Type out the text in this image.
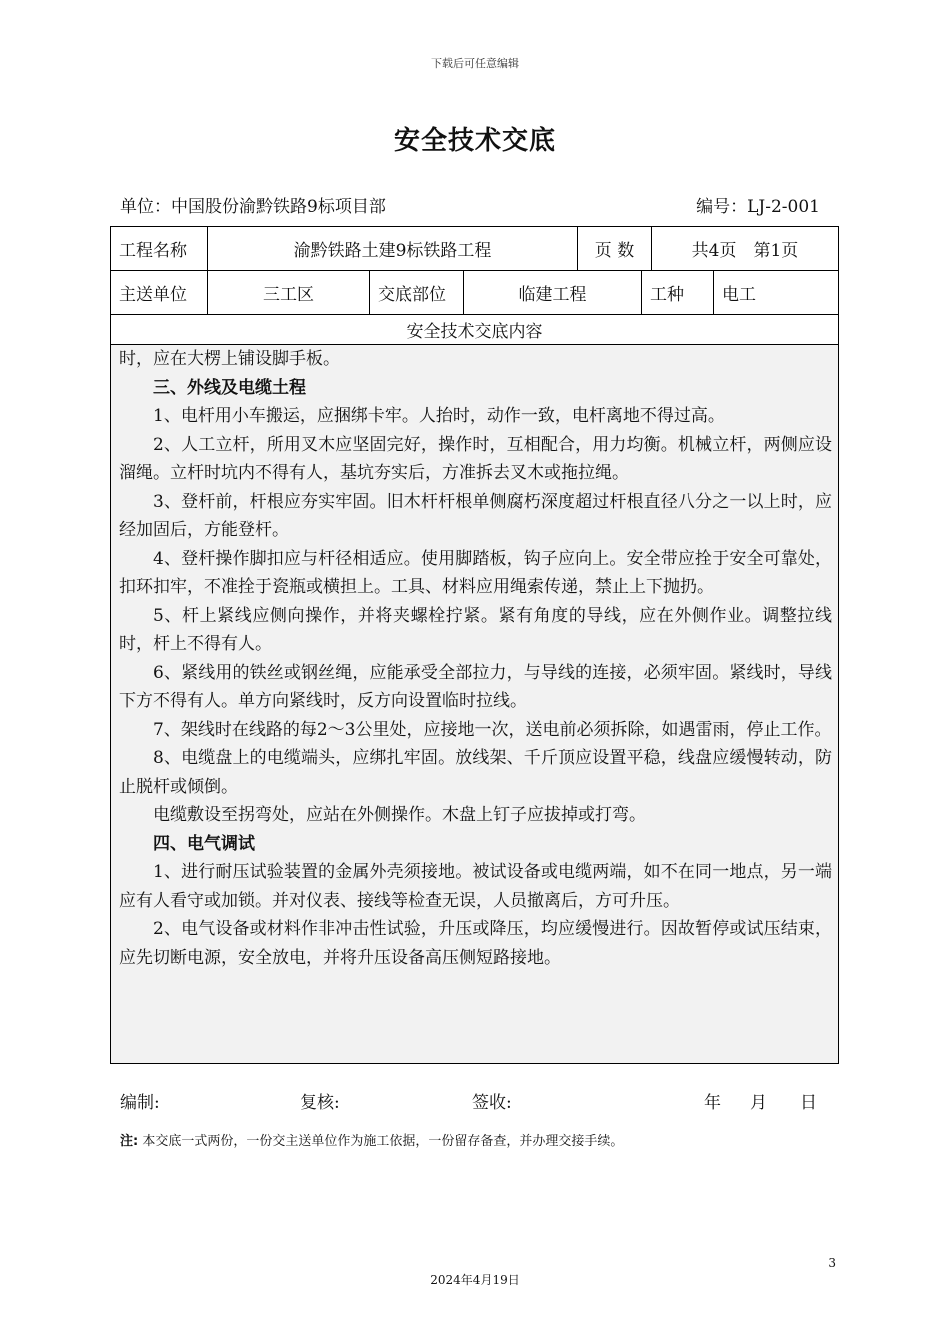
下载后可任意编辑
安全技术交底
单位：中国股份渝黔铁路9标项目部	编号：LJ-2-001
工程名称	渝黔铁路土建9标铁路工程	页 数	共4页　第1页
主送单位	三工区	交底部位	临建工程	工种	电工
安全技术交底内容

时，应在大楞上铺设脚手板。

三、外线及电缆土程

1、电杆用小车搬运，应捆绑卡牢。人抬时，动作一致，电杆离地不得过高。

2、人工立杆，所用叉木应坚固完好，操作时，互相配合，用力均衡。机械立杆，两侧应设溜绳。立杆时坑内不得有人，基坑夯实后，方准拆去叉木或拖拉绳。

3、登杆前，杆根应夯实牢固。旧木杆杆根单侧腐朽深度超过杆根直径八分之一以上时，应经加固后，方能登杆。

4、登杆操作脚扣应与杆径相适应。使用脚踏板，钩子应向上。安全带应拴于安全可靠处，扣环扣牢，不准拴于瓷瓶或横担上。工具、材料应用绳索传递，禁止上下抛扔。

5、杆上紧线应侧向操作，并将夹螺栓拧紧。紧有角度的导线，应在外侧作业。调整拉线时，杆上不得有人。

6、紧线用的铁丝或钢丝绳，应能承受全部拉力，与导线的连接，必须牢固。紧线时，导线下方不得有人。单方向紧线时，反方向设置临时拉线。

7、架线时在线路的每2～3公里处，应接地一次，送电前必须拆除，如遇雷雨，停止工作。

8、电缆盘上的电缆端头，应绑扎牢固。放线架、千斤顶应设置平稳，线盘应缓慢转动，防止脱杆或倾倒。

电缆敷设至拐弯处，应站在外侧操作。木盘上钉子应拔掉或打弯。

四、电气调试

1、进行耐压试验装置的金属外壳须接地。被试设备或电缆两端，如不在同一地点，另一端应有人看守或加锁。并对仪表、接线等检查无误，人员撤离后，方可升压。

2、电气设备或材料作非冲击性试验，升压或降压，均应缓慢进行。因故暂停或试压结束，应先切断电源，安全放电，并将升压设备高压侧短路接地。

编制:	复核:	签收:	年 月 日
注: 本交底一式两份，一份交主送单位作为施工依据，一份留存备查，并办理交接手续。
3
2024年4月19日
